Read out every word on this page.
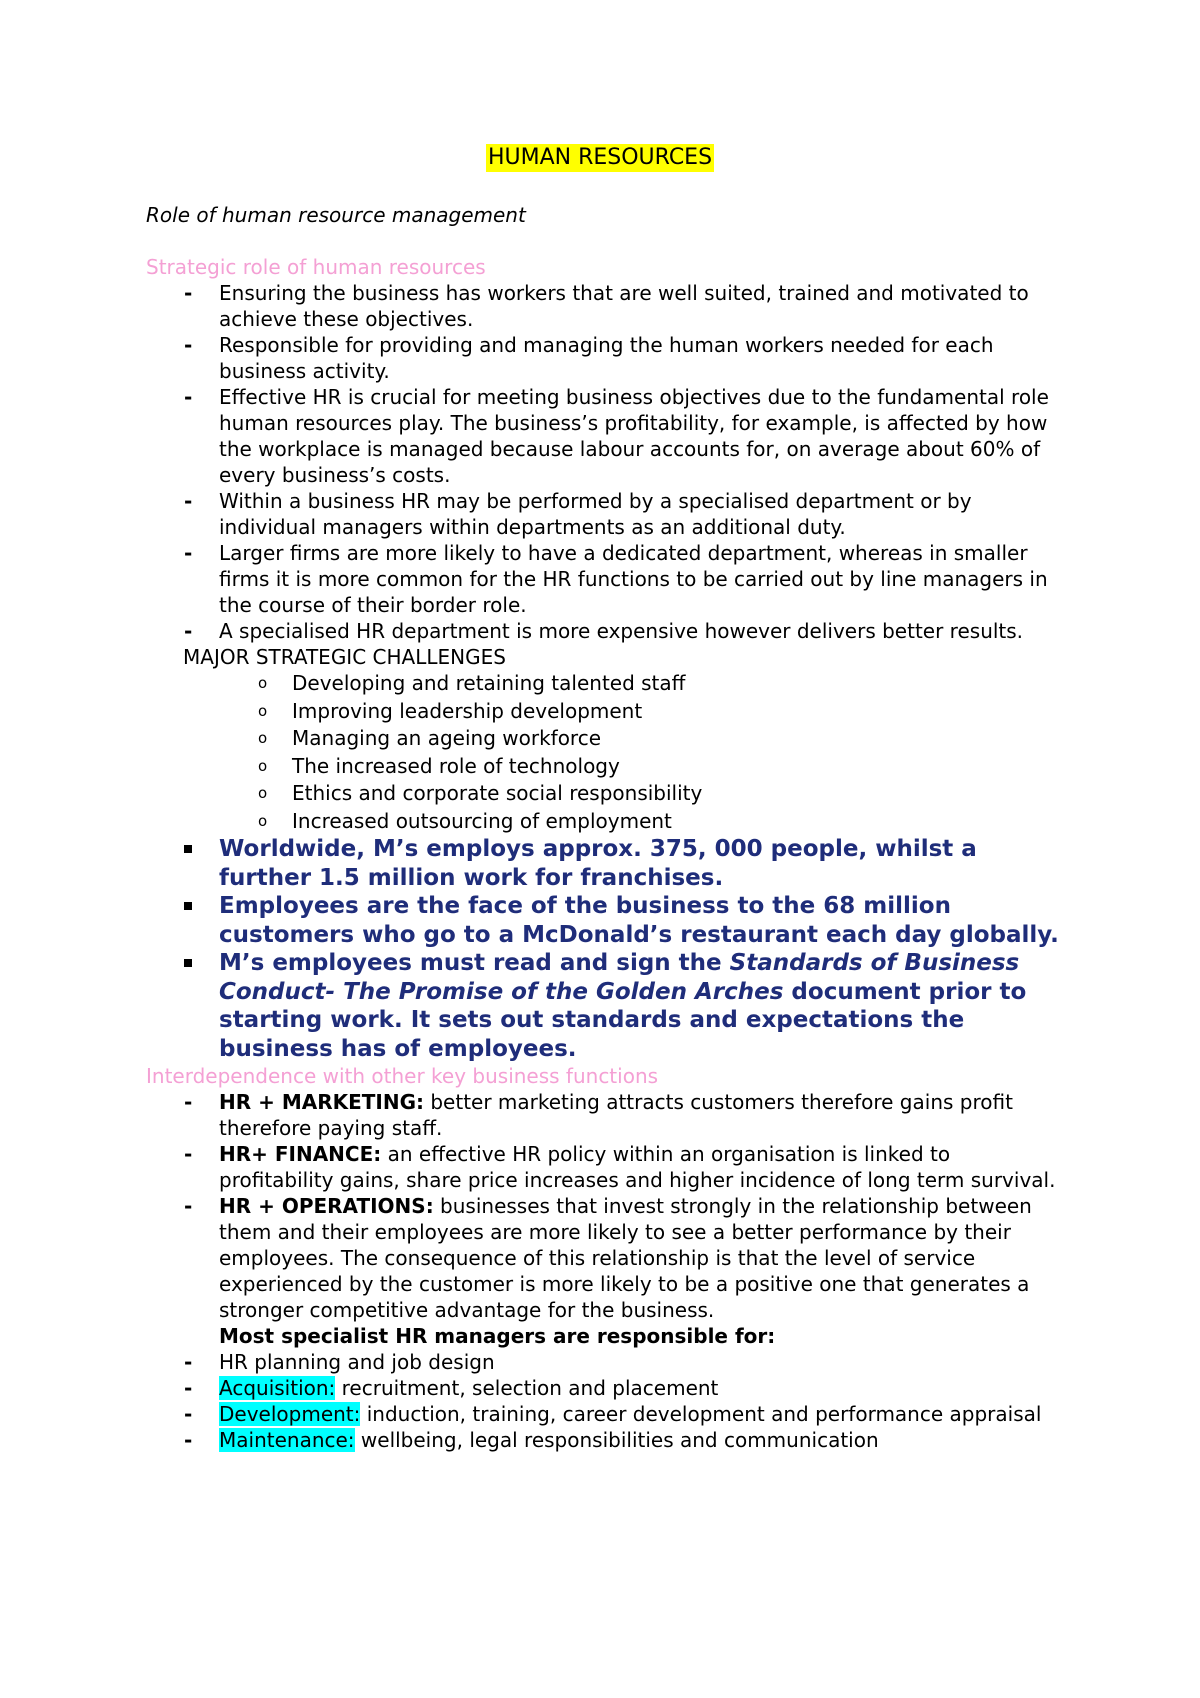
HUMAN RESOURCES
Role of human resource management
Strategic role of human resources
- Ensuring the business has workers that are well suited, trained and motivated to achieve these objectives.
- Responsible for providing and managing the human workers needed for each business activity.
- Effective HR is crucial for meeting business objectives due to the fundamental role human resources play. The business’s profitability, for example, is affected by how the workplace is managed because labour accounts for, on average about 60% of every business’s costs.
- Within a business HR may be performed by a specialised department or by individual managers within departments as an additional duty.
- Larger firms are more likely to have a dedicated department, whereas in smaller firms it is more common for the HR functions to be carried out by line managers in the course of their border role.
- A specialised HR department is more expensive however delivers better results.
MAJOR STRATEGIC CHALLENGES
o Developing and retaining talented staff
o Improving leadership development
o Managing an ageing workforce
o The increased role of technology
o Ethics and corporate social responsibility
o Increased outsourcing of employment
Worldwide, M’s employs approx. 375, 000 people, whilst a further 1.5 million work for franchises.
Employees are the face of the business to the 68 million customers who go to a McDonald’s restaurant each day globally.
M’s employees must read and sign the Standards of Business Conduct- The Promise of the Golden Arches document prior to starting work. It sets out standards and expectations the business has of employees.
Interdependence with other key business functions
- HR + MARKETING: better marketing attracts customers therefore gains profit therefore paying staff.
- HR+ FINANCE: an effective HR policy within an organisation is linked to profitability gains, share price increases and higher incidence of long term survival.
- HR + OPERATIONS: businesses that invest strongly in the relationship between them and their employees are more likely to see a better performance by their employees. The consequence of this relationship is that the level of service experienced by the customer is more likely to be a positive one that generates a stronger competitive advantage for the business.
Most specialist HR managers are responsible for:
- HR planning and job design
- Acquisition: recruitment, selection and placement
- Development: induction, training, career development and performance appraisal
- Maintenance: wellbeing, legal responsibilities and communication
